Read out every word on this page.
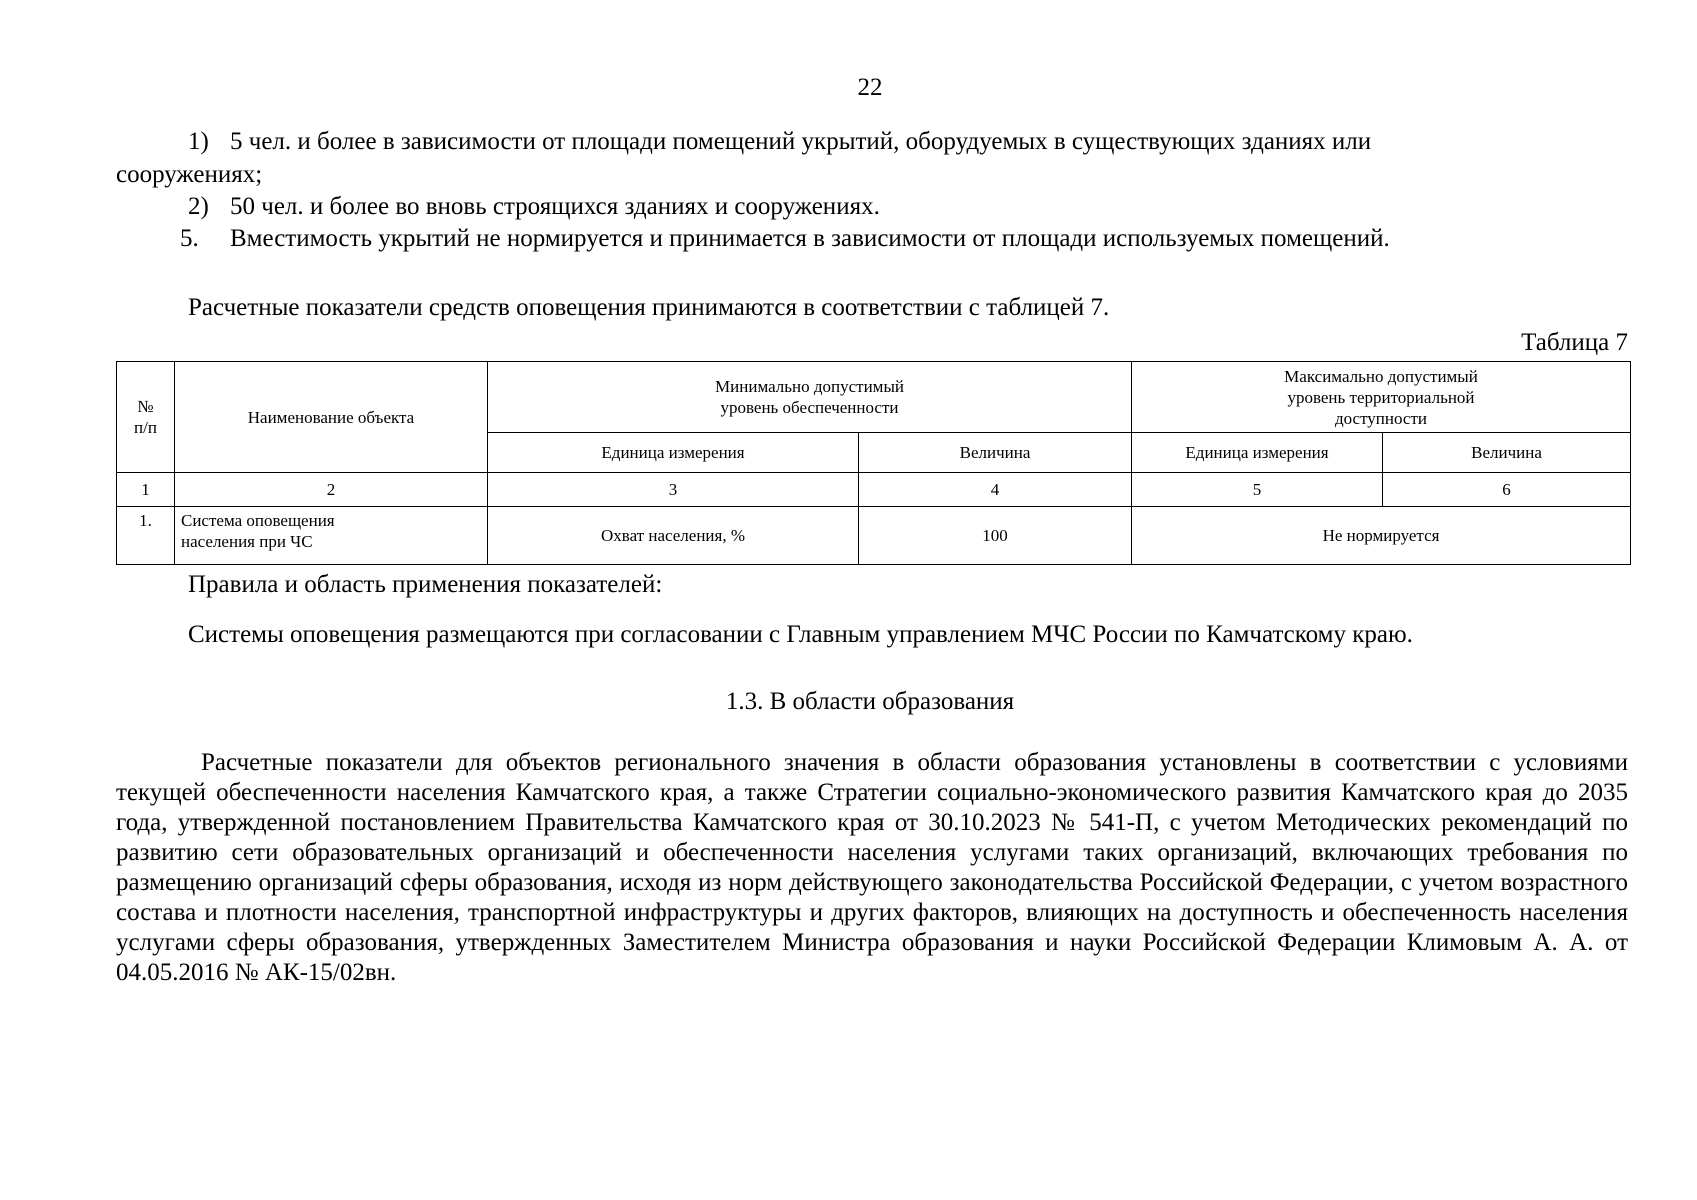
22
1) 5 чел. и более в зависимости от площади помещений укрытий, оборудуемых в существующих зданиях или
сооружениях;
2) 50 чел. и более во вновь строящихся зданиях и сооружениях.
5. Вместимость укрытий не нормируется и принимается в зависимости от площади используемых помещений.
Расчетные показатели средств оповещения принимаются в соответствии с таблицей 7.
Таблица 7
№ п/п	Наименование объекта	Минимально допустимый уровень обеспеченности		Максимально допустимый уровень территориальной доступности	
		Единица измерения	Величина	Единица измерения	Величина
1	2	3	4	5	6
1.	Система оповещения населения при ЧС	Охват населения, %	100	Не нормируется	
Правила и область применения показателей:
Системы оповещения размещаются при согласовании с Главным управлением МЧС России по Камчатскому краю.
1.3. В области образования
Расчетные показатели для объектов регионального значения в области образования установлены в соответствии с условиями текущей обеспеченности населения Камчатского края, а также Стратегии социально-экономического развития Камчатского края до 2035 года, утвержденной постановлением Правительства Камчатского края от 30.10.2023 № 541-П, с учетом Методических рекомендаций по развитию сети образовательных организаций и обеспеченности населения услугами таких организаций, включающих требования по размещению организаций сферы образования, исходя из норм действующего законодательства Российской Федерации, с учетом возрастного состава и плотности населения, транспортной инфраструктуры и других факторов, влияющих на доступность и обеспеченность населения услугами сферы образования, утвержденных Заместителем Министра образования и науки Российской Федерации Климовым А. А. от 04.05.2016 № АК-15/02вн.
